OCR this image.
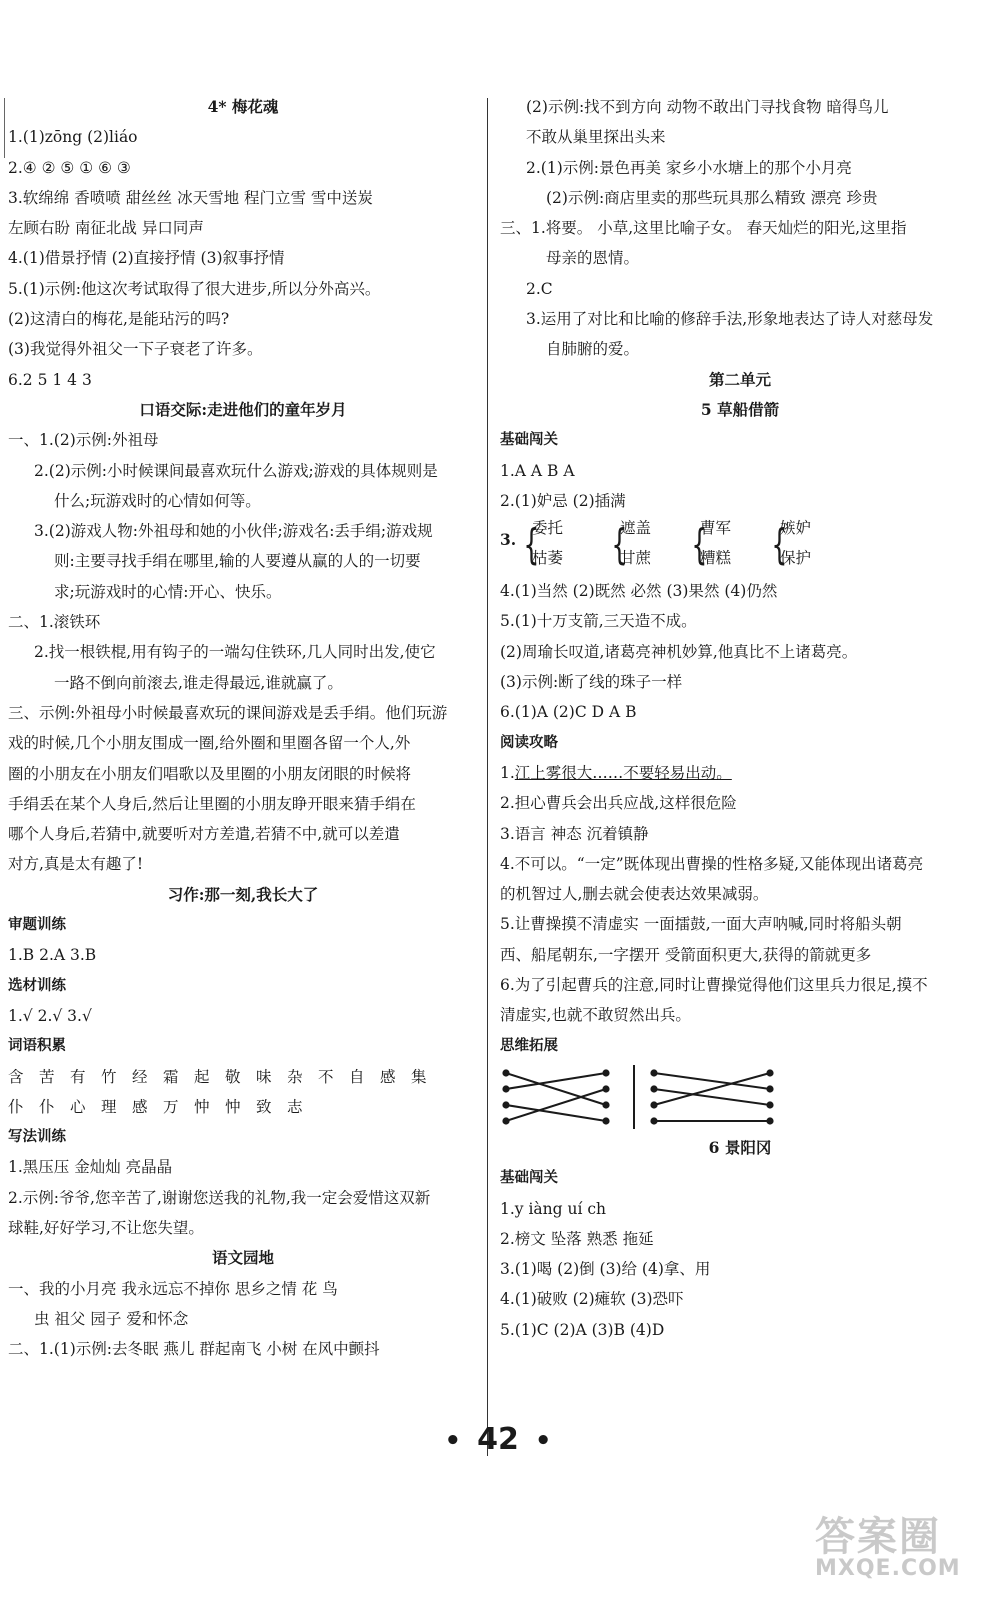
4* 梅花魂
1.(1)zōng (2)liáo
2.④ ② ⑤ ① ⑥ ③
3.软绵绵 香喷喷 甜丝丝 冰天雪地 程门立雪 雪中送炭
左顾右盼 南征北战 异口同声
4.(1)借景抒情 (2)直接抒情 (3)叙事抒情
5.(1)示例:他这次考试取得了很大进步,所以分外高兴。
(2)这清白的梅花,是能玷污的吗?
(3)我觉得外祖父一下子衰老了许多。
6.2 5 1 4 3
口语交际:走进他们的童年岁月
一、1.(2)示例:外祖母
2.(2)示例:小时候课间最喜欢玩什么游戏;游戏的具体规则是
什么;玩游戏时的心情如何等。
3.(2)游戏人物:外祖母和她的小伙伴;游戏名:丢手绢;游戏规
则:主要寻找手绢在哪里,输的人要遵从赢的人的一切要
求;玩游戏时的心情:开心、快乐。
二、1.滚铁环
2.找一根铁棍,用有钩子的一端勾住铁环,几人同时出发,使它
一路不倒向前滚去,谁走得最远,谁就赢了。
三、示例:外祖母小时候最喜欢玩的课间游戏是丢手绢。他们玩游
戏的时候,几个小朋友围成一圈,给外圈和里圈各留一个人,外
圈的小朋友在小朋友们唱歌以及里圈的小朋友闭眼的时候将
手绢丢在某个人身后,然后让里圈的小朋友睁开眼来猜手绢在
哪个人身后,若猜中,就要听对方差遣,若猜不中,就可以差遣
对方,真是太有趣了!
习作:那一刻,我长大了
审题训练
1.B 2.A 3.B
选材训练
1.√ 2.√ 3.√
词语积累
含 苦 有 竹 经 霜 起 敬 味 杂 不 自 感 集
仆 仆 心 理 感 万 忡 忡 致 志
写法训练
1.黑压压 金灿灿 亮晶晶
2.示例:爷爷,您辛苦了,谢谢您送我的礼物,我一定会爱惜这双新
球鞋,好好学习,不让您失望。
语文园地
一、我的小月亮 我永远忘不掉你 思乡之情 花 鸟
虫 祖父 园子 爱和怀念
二、1.(1)示例:去冬眠 燕儿 群起南飞 小树 在风中颤抖
(2)示例:找不到方向 动物不敢出门寻找食物 暗得鸟儿
不敢从巢里探出头来
2.(1)示例:景色再美 家乡小水塘上的那个小月亮
(2)示例:商店里卖的那些玩具那么精致 漂亮 珍贵
三、1.将要。 小草,这里比喻子女。 春天灿烂的阳光,这里指
母亲的恩情。
2.C
3.运用了对比和比喻的修辞手法,形象地表达了诗人对慈母发
自肺腑的爱。
第二单元
5 草船借箭
基础闯关
1.A A B A
2.(1)妒忌 (2)插满
3. {
委托
枯萎 {
遮盖
甘蔗 {
曹军
糟糕 {
嫉妒
保护
4.(1)当然 (2)既然 必然 (3)果然 (4)仍然
5.(1)十万支箭,三天造不成。
(2)周瑜长叹道,诸葛亮神机妙算,他真比不上诸葛亮。
(3)示例:断了线的珠子一样
6.(1)A (2)C D A B
阅读攻略
1.江上雾很大……不要轻易出动。
2.担心曹兵会出兵应战,这样很危险
3.语言 神态 沉着镇静
4.不可以。“一定”既体现出曹操的性格多疑,又能体现出诸葛亮
的机智过人,删去就会使表达效果减弱。
5.让曹操摸不清虚实 一面擂鼓,一面大声呐喊,同时将船头朝
西、船尾朝东,一字摆开 受箭面积更大,获得的箭就更多
6.为了引起曹兵的注意,同时让曹操觉得他们这里兵力很足,摸不
清虚实,也就不敢贸然出兵。
思维拓展
6 景阳冈
基础闯关
1.y iàng uí ch
2.榜文 坠落 熟悉 拖延
3.(1)喝 (2)倒 (3)给 (4)拿、用
4.(1)破败 (2)瘫软 (3)恐吓
5.(1)C (2)A (3)B (4)D
• 42 •
答案圈
MXQE.COM
